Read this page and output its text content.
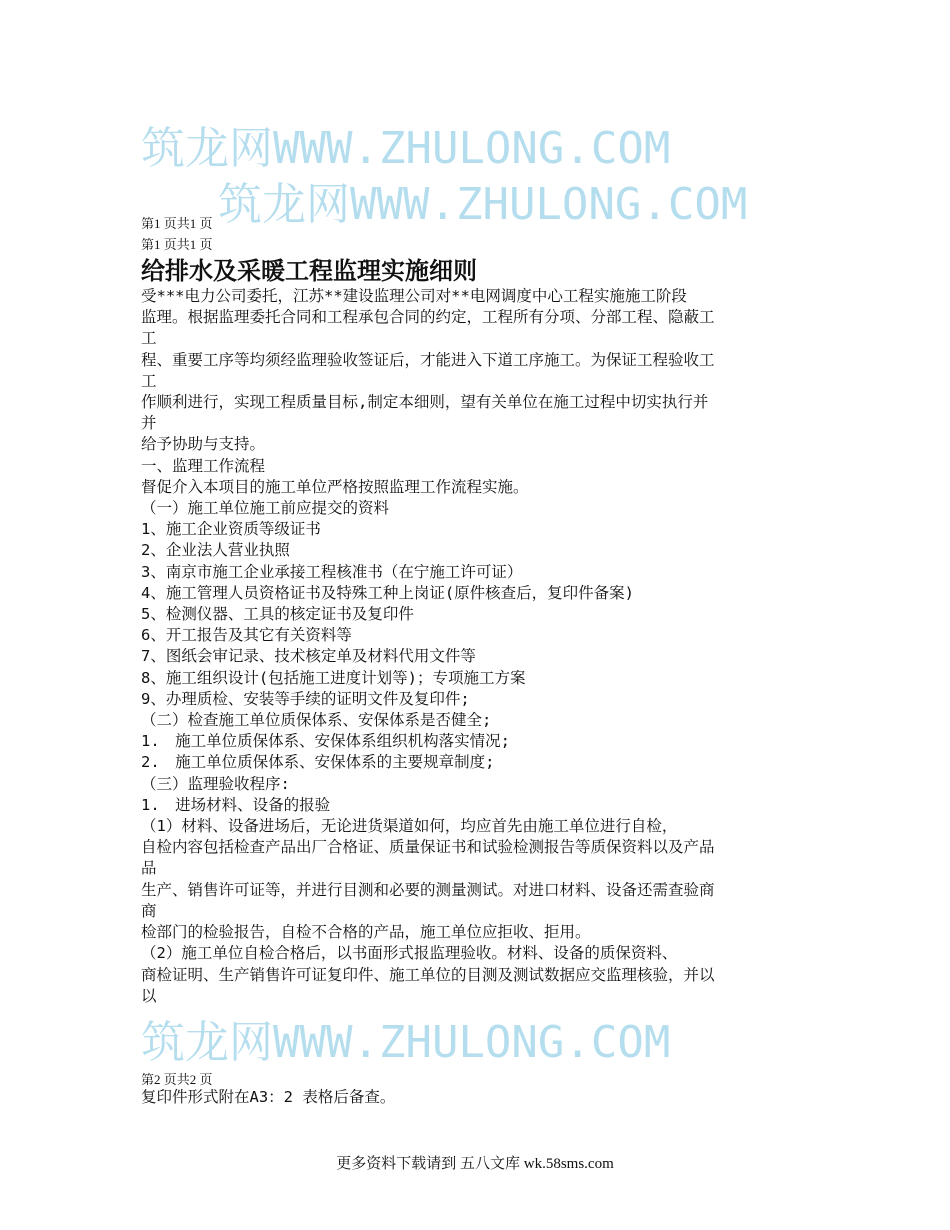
筑龙网WWW.ZHULONG.COM
筑龙网WWW.ZHULONG.COM
筑龙网WWW.ZHULONG.COM
第1 页共1 页
第1 页共1 页
给排水及采暖工程监理实施细则
受***电力公司委托，江苏**建设监理公司对**电网调度中心工程实施施工阶段
监理。根据监理委托合同和工程承包合同的约定，工程所有分项、分部工程、隐蔽工
工
程、重要工序等均须经监理验收签证后，才能进入下道工序施工。为保证工程验收工
工
作顺利进行，实现工程质量目标,制定本细则，望有关单位在施工过程中切实执行并
并
给予协助与支持。
一、监理工作流程
督促介入本项目的施工单位严格按照监理工作流程实施。
（一）施工单位施工前应提交的资料
1、施工企业资质等级证书
2、企业法人营业执照
3、南京市施工企业承接工程核准书（在宁施工许可证）
4、施工管理人员资格证书及特殊工种上岗证(原件核查后，复印件备案)
5、检测仪器、工具的核定证书及复印件
6、开工报告及其它有关资料等
7、图纸会审记录、技术核定单及材料代用文件等
8、施工组织设计(包括施工进度计划等)；专项施工方案
9、办理质检、安装等手续的证明文件及复印件;
（二）检查施工单位质保体系、安保体系是否健全;
1.　施工单位质保体系、安保体系组织机构落实情况;
2.　施工单位质保体系、安保体系的主要规章制度;
（三）监理验收程序:
1.　进场材料、设备的报验
（1）材料、设备进场后，无论进货渠道如何，均应首先由施工单位进行自检，
自检内容包括检查产品出厂合格证、质量保证书和试验检测报告等质保资料以及产品
品
生产、销售许可证等，并进行目测和必要的测量测试。对进口材料、设备还需查验商
商
检部门的检验报告，自检不合格的产品，施工单位应拒收、拒用。
（2）施工单位自检合格后，以书面形式报监理验收。材料、设备的质保资料、
商检证明、生产销售许可证复印件、施工单位的目测及测试数据应交监理核验，并以
以
第2 页共2 页
复印件形式附在A3：2 表格后备查。
更多资料下载请到 五八文库 wk.58sms.com
